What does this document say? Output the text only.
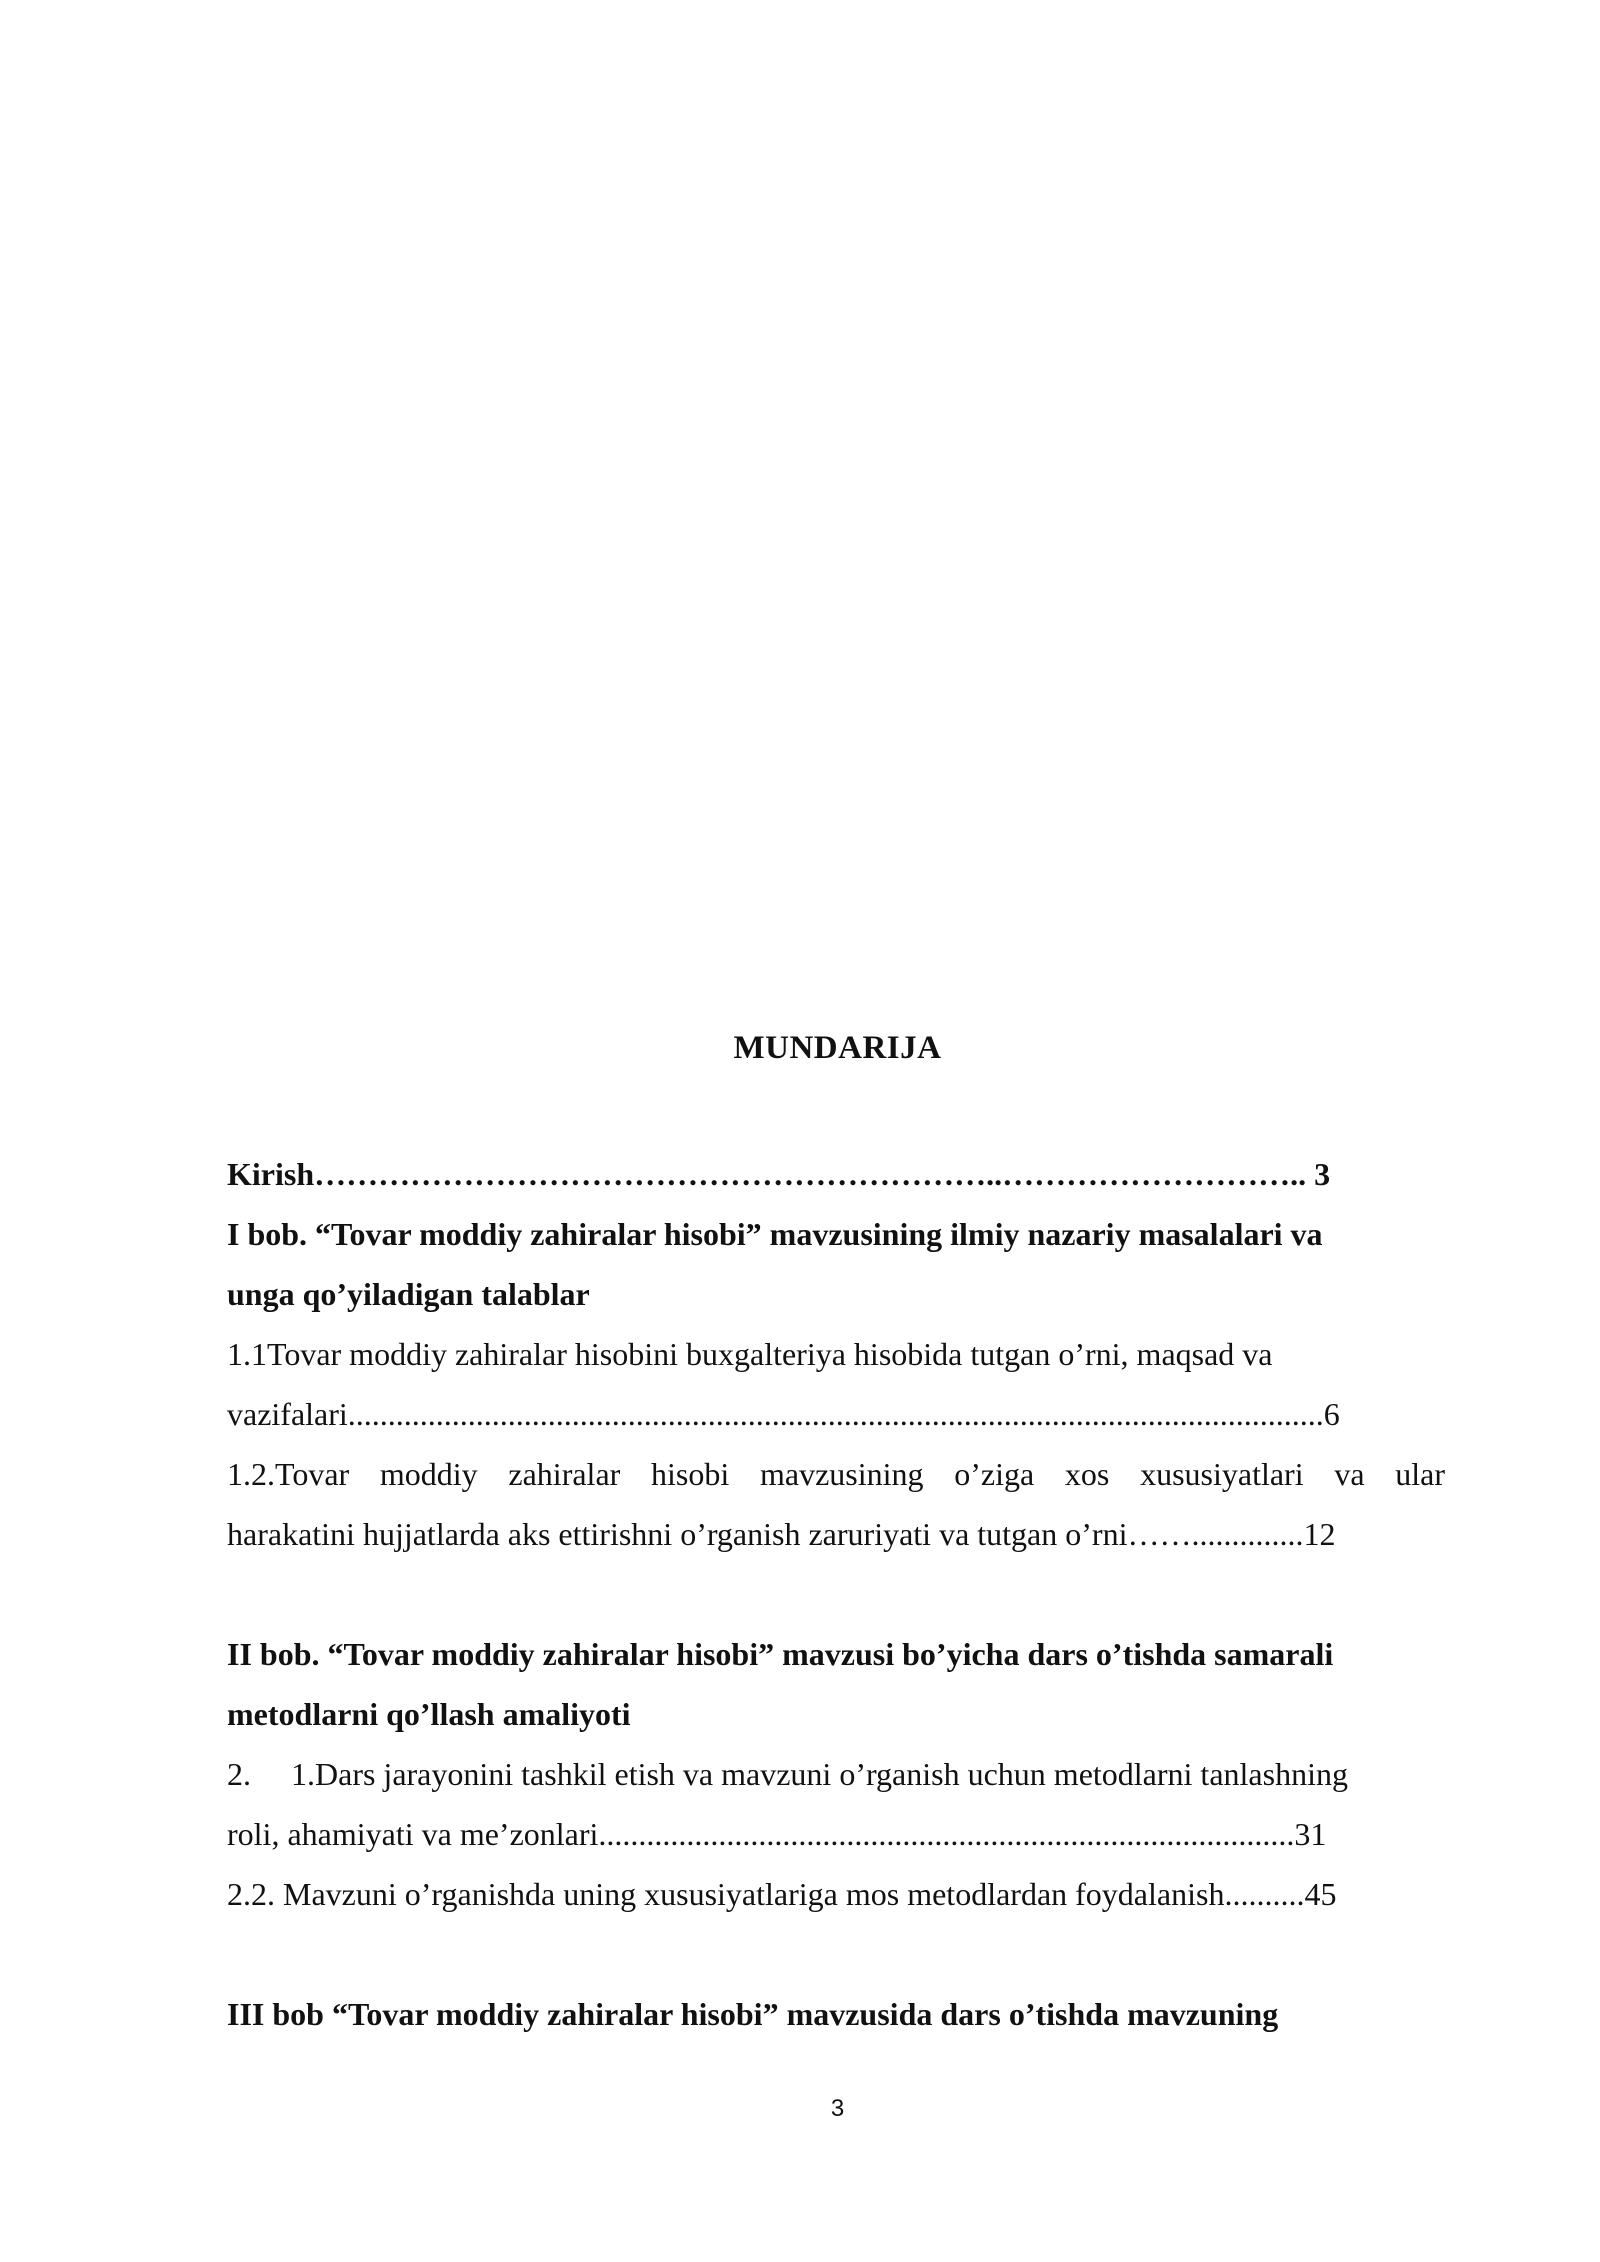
MUNDARIJA
Kirish………………………………………………………..……………………….. 3
I bob. “Tovar moddiy zahiralar hisobi” mavzusining ilmiy nazariy masalalari va
unga qo’yiladigan talablar
1.1Tovar moddiy zahiralar hisobini buxgalteriya hisobida tutgan o’rni, maqsad va
vazifalari..........................................................................................................................6
1.2.Tovar moddiy zahiralar hisobi mavzusining o’ziga xos xususiyatlari va ular
harakatini hujjatlarda aks ettirishni o’rganish zaruriyati va tutgan o’rni……..............12
II bob. “Tovar moddiy zahiralar hisobi” mavzusi bo’yicha dars o’tishda samarali
metodlarni qo’llash amaliyoti
2.     1.Dars jarayonini tashkil etish va mavzuni o’rganish uchun metodlarni tanlashning
roli, ahamiyati va me’zonlari.......................................................................................31
2.2. Mavzuni o’rganishda uning xususiyatlariga mos metodlardan foydalanish..........45
III bob “Tovar moddiy zahiralar hisobi” mavzusida dars o’tishda mavzuning
3
